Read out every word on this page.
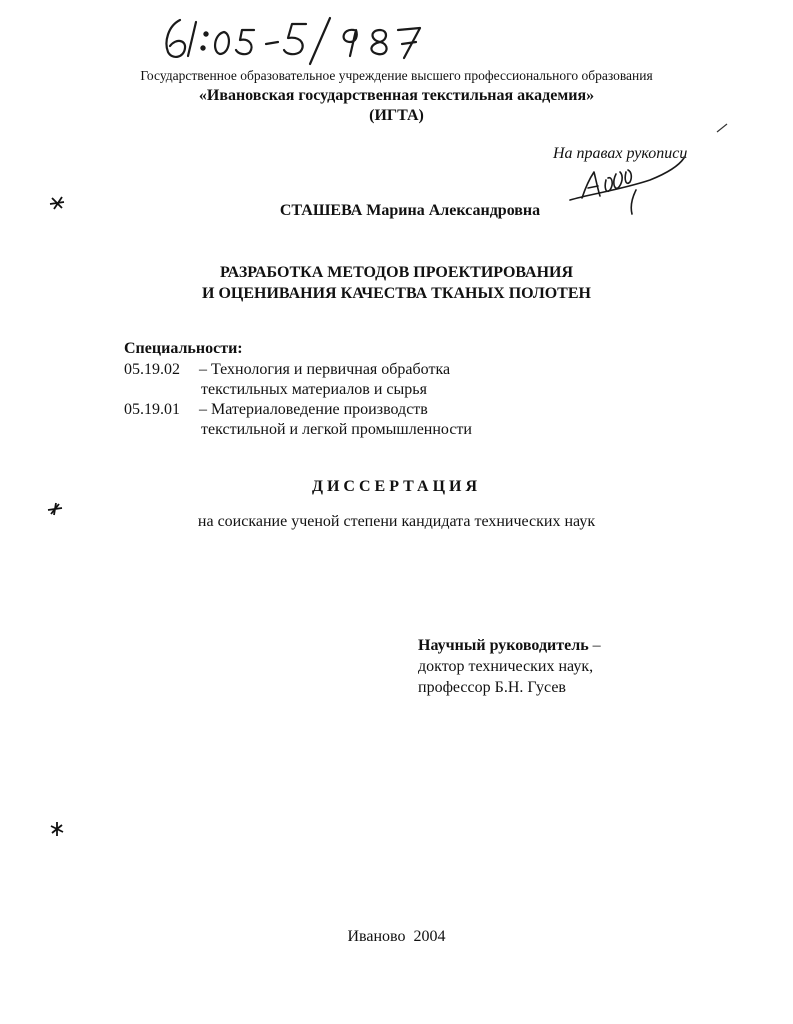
Государственное образовательное учреждение высшего профессионального образования
«Ивановская государственная текстильная академия»
(ИГТА)
На правах рукописи
СТАШЕВА Марина Александровна
РАЗРАБОТКА МЕТОДОВ ПРОЕКТИРОВАНИЯ
И ОЦЕНИВАНИЯ КАЧЕСТВА ТКАНЫХ ПОЛОТЕН
Специальности:
05.19.02 – Технология и первичная обработка
текстильных материалов и сырья
05.19.01 – Материаловедение производств
текстильной и легкой промышленности
ДИССЕРТАЦИЯ
на соискание ученой степени кандидата технических наук
Научный руководитель –
доктор технических наук,
профессор Б.Н. Гусев
Иваново 2004
